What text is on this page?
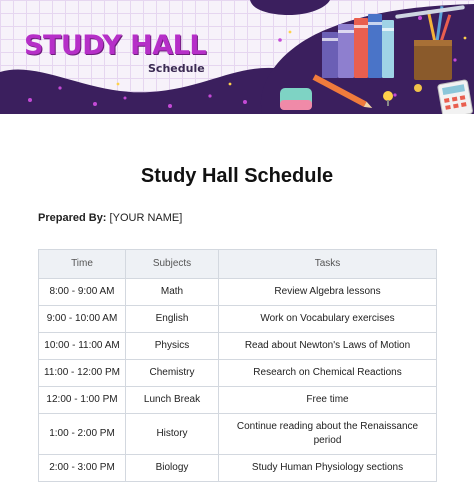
STUDY HALL
Schedule
Study Hall Schedule
Prepared By: [YOUR NAME]
Time	Subjects	Tasks
8:00 - 9:00 AM	Math	Review Algebra lessons
9:00 - 10:00 AM	English	Work on Vocabulary exercises
10:00 - 11:00 AM	Physics	Read about Newton's Laws of Motion
11:00 - 12:00 PM	Chemistry	Research on Chemical Reactions
12:00 - 1:00 PM	Lunch Break	Free time
1:00 - 2:00 PM	History	Continue reading about the Renaissance period
2:00 - 3:00 PM	Biology	Study Human Physiology sections
